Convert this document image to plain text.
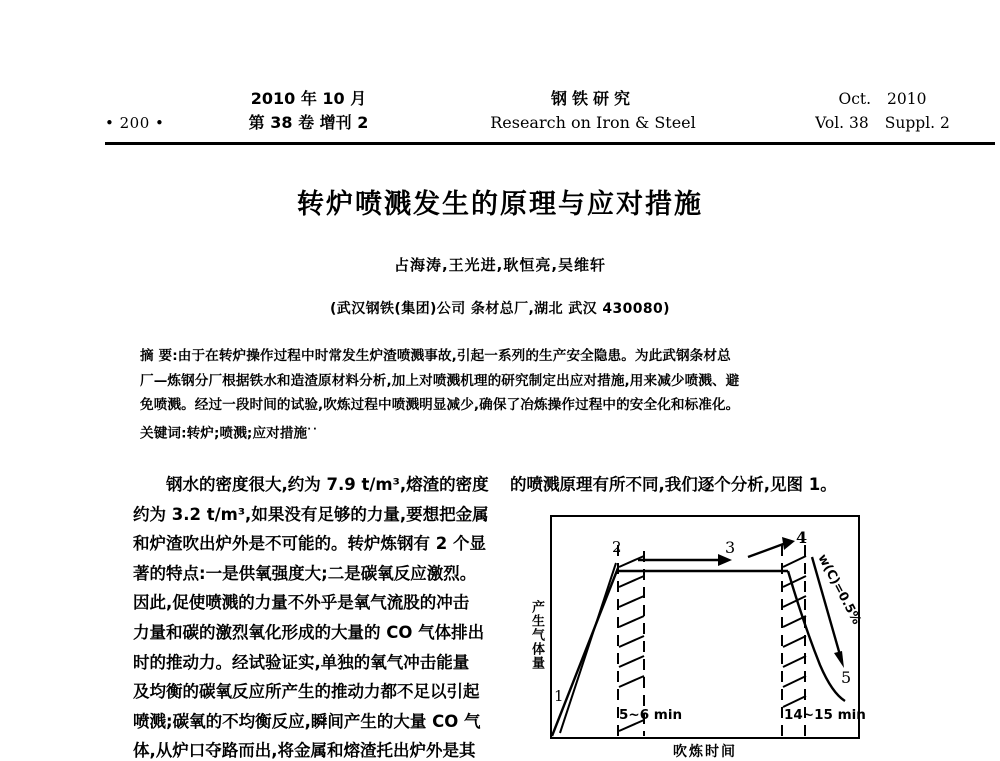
2010 年 10 月	钢铁研究	Oct. 2010
• 200 •	第 38 卷 增刊 2	Research on Iron & Steel	Vol. 38 Suppl. 2
转炉喷溅发生的原理与应对措施
占海涛,王光进,耿恒亮,吴维轩
(武汉钢铁(集团)公司 条材总厂,湖北 武汉 430080)
摘 要:由于在转炉操作过程中时常发生炉渣喷溅事故,引起一系列的生产安全隐患。为此武钢条材总
厂—炼钢分厂根据铁水和造渣原材料分析,加上对喷溅机理的研究制定出应对措施,用来减少喷溅、避
免喷溅。经过一段时间的试验,吹炼过程中喷溅明显减少,确保了冶炼操作过程中的安全化和标准化。
关键词:转炉;喷溅;应对措施··
钢水的密度很大,约为 7.9 t/m³,熔渣的密度
约为 3.2 t/m³,如果没有足够的力量,要想把金属
和炉渣吹出炉外是不可能的。转炉炼钢有 2 个显
著的特点:一是供氧强度大;二是碳氧反应激烈。
因此,促使喷溅的力量不外乎是氧气流股的冲击
力量和碳的激烈氧化形成的大量的 CO 气体排出
时的推动力。经试验证实,单独的氧气冲击能量
及均衡的碳氧反应所产生的推动力都不足以引起
喷溅;碳氧的不均衡反应,瞬间产生的大量 CO 气
体,从炉口夺路而出,将金属和熔渣托出炉外是其
的喷溅原理有所不同,我们逐个分析,见图 1。
1
2	3
4
5
w(C)=0.5%
5~6 min	14~15 min
产生气体量
吹炼时间
